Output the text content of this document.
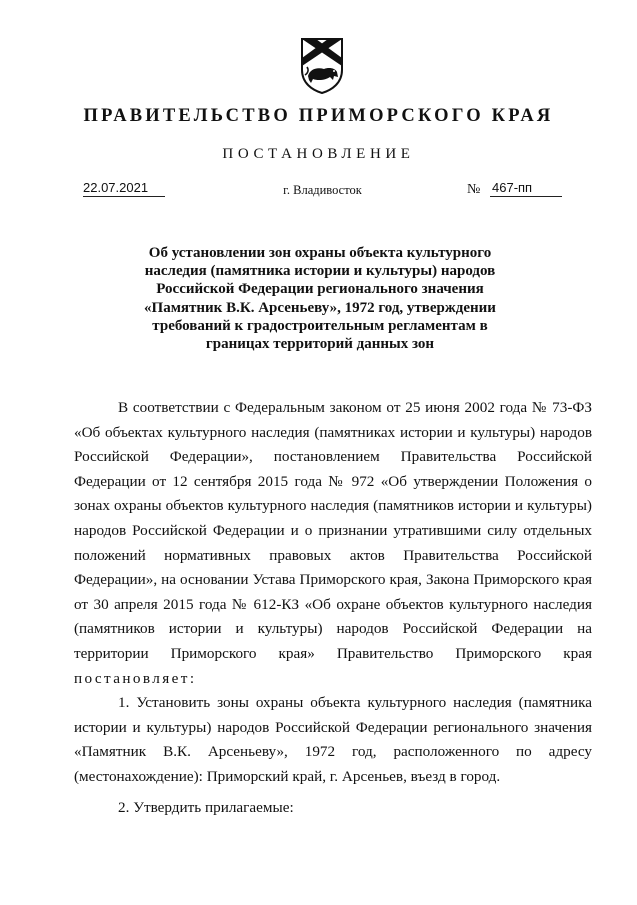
ПРАВИТЕЛЬСТВО ПРИМОРСКОГО КРАЯ
ПОСТАНОВЛЕНИЕ
22.07.2021	г. Владивосток	№ 467-пп
Об установлении зон охраны объекта культурного
наследия (памятника истории и культуры) народов
Российской Федерации регионального значения
«Памятник В.К. Арсеньеву», 1972 год, утверждении
требований к градостроительным регламентам в
границах территорий данных зон
В соответствии с Федеральным законом от 25 июня 2002 года № 73-ФЗ
«Об объектах культурного наследия (памятниках истории и культуры) народов
Российской Федерации», постановлением Правительства Российской
Федерации от 12 сентября 2015 года № 972 «Об утверждении Положения о
зонах охраны объектов культурного наследия (памятников истории и культуры)
народов Российской Федерации и о признании утратившими силу отдельных
положений нормативных правовых актов Правительства Российской
Федерации», на основании Устава Приморского края, Закона Приморского края
от 30 апреля 2015 года № 612-КЗ «Об охране объектов культурного наследия
(памятников истории и культуры) народов Российской Федерации на
территории Приморского края» Правительство Приморского края
постановляет:
1. Установить зоны охраны объекта культурного наследия (памятника
истории и культуры) народов Российской Федерации регионального значения
«Памятник В.К. Арсеньеву», 1972 год, расположенного по адресу
(местонахождение): Приморский край, г. Арсеньев, въезд в город.
2. Утвердить прилагаемые:
